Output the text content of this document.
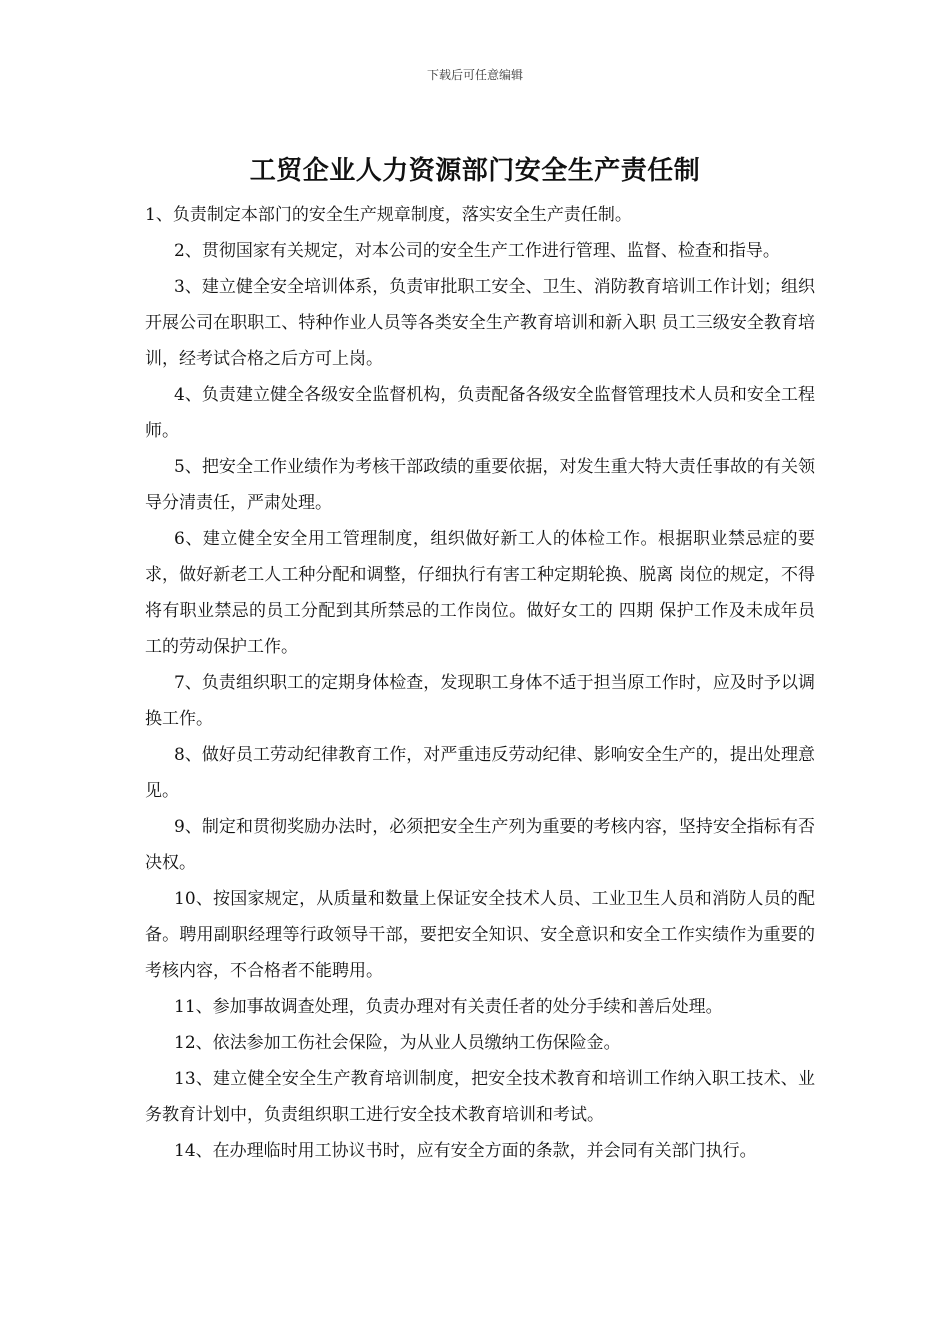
下载后可任意编辑
工贸企业人力资源部门安全生产责任制

1、负责制定本部门的安全生产规章制度，落实安全生产责任制。

2、贯彻国家有关规定，对本公司的安全生产工作进行管理、监督、检查和指导。

3、建立健全安全培训体系，负责审批职工安全、卫生、消防教育培训工作计划；组织开展公司在职职工、特种作业人员等各类安全生产教育培训和新入职 员工三级安全教育培训，经考试合格之后方可上岗。

4、负责建立健全各级安全监督机构，负责配备各级安全监督管理技术人员和安全工程师。

5、把安全工作业绩作为考核干部政绩的重要依据，对发生重大特大责任事故的有关领导分清责任，严肃处理。

6、建立健全安全用工管理制度，组织做好新工人的体检工作。根据职业禁忌症的要求，做好新老工人工种分配和调整，仔细执行有害工种定期轮换、脱离 岗位的规定，不得将有职业禁忌的员工分配到其所禁忌的工作岗位。做好女工的 四期 保护工作及未成年员工的劳动保护工作。

7、负责组织职工的定期身体检查，发现职工身体不适于担当原工作时，应及时予以调换工作。

8、做好员工劳动纪律教育工作，对严重违反劳动纪律、影响安全生产的，提出处理意见。

9、制定和贯彻奖励办法时，必须把安全生产列为重要的考核内容，坚持安全指标有否决权。

10、按国家规定，从质量和数量上保证安全技术人员、工业卫生人员和消防人员的配备。聘用副职经理等行政领导干部，要把安全知识、安全意识和安全工作实绩作为重要的考核内容，不合格者不能聘用。

11、参加事故调查处理，负责办理对有关责任者的处分手续和善后处理。

12、依法参加工伤社会保险，为从业人员缴纳工伤保险金。

13、建立健全安全生产教育培训制度，把安全技术教育和培训工作纳入职工技术、业务教育计划中，负责组织职工进行安全技术教育培训和考试。

14、在办理临时用工协议书时，应有安全方面的条款，并会同有关部门执行。
